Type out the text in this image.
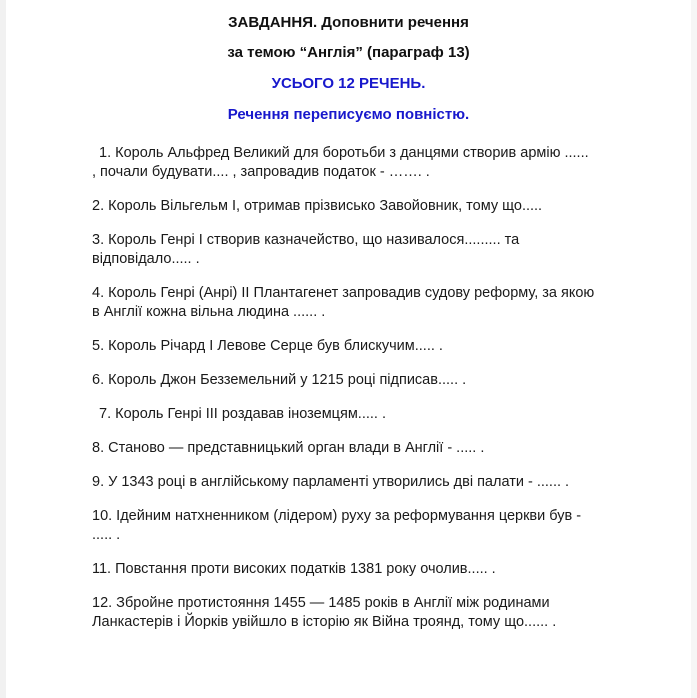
ЗАВДАННЯ. Доповнити речення
за темою “Англія” (параграф 13)
УСЬОГО 12 РЕЧЕНЬ.
Речення переписуємо повністю.
1. Король Альфред Великий для боротьби з данцями створив армію ...... , почали будувати.... , запровадив податок - ……. .
2. Король Вільгельм I, отримав прізвисько Завойовник, тому що.....
3. Король Генрі I створив казначейство, що називалося......... та відповідало..... .
4. Король Генрі (Анрі) II Плантагенет запровадив судову реформу, за якою в Англії кожна вільна людина ...... .
5. Король Річард I Левове Серце був блискучим..... .
6. Король Джон Безземельний у 1215 році підписав..... .
7. Король Генрі III роздавав іноземцям..... .
8. Станово — представницький орган влади в Англії - ..... .
9. У 1343 році в англійському парламенті утворились дві палати - ...... .
10. Ідейним натхненником (лідером) руху за реформування церкви був - ..... .
11. Повстання проти високих податків 1381 року очолив..... .
12. Збройне протистояння 1455 — 1485 років в Англії між родинами Ланкастерів і Йорків увійшло в історію як Війна троянд, тому що...... .
